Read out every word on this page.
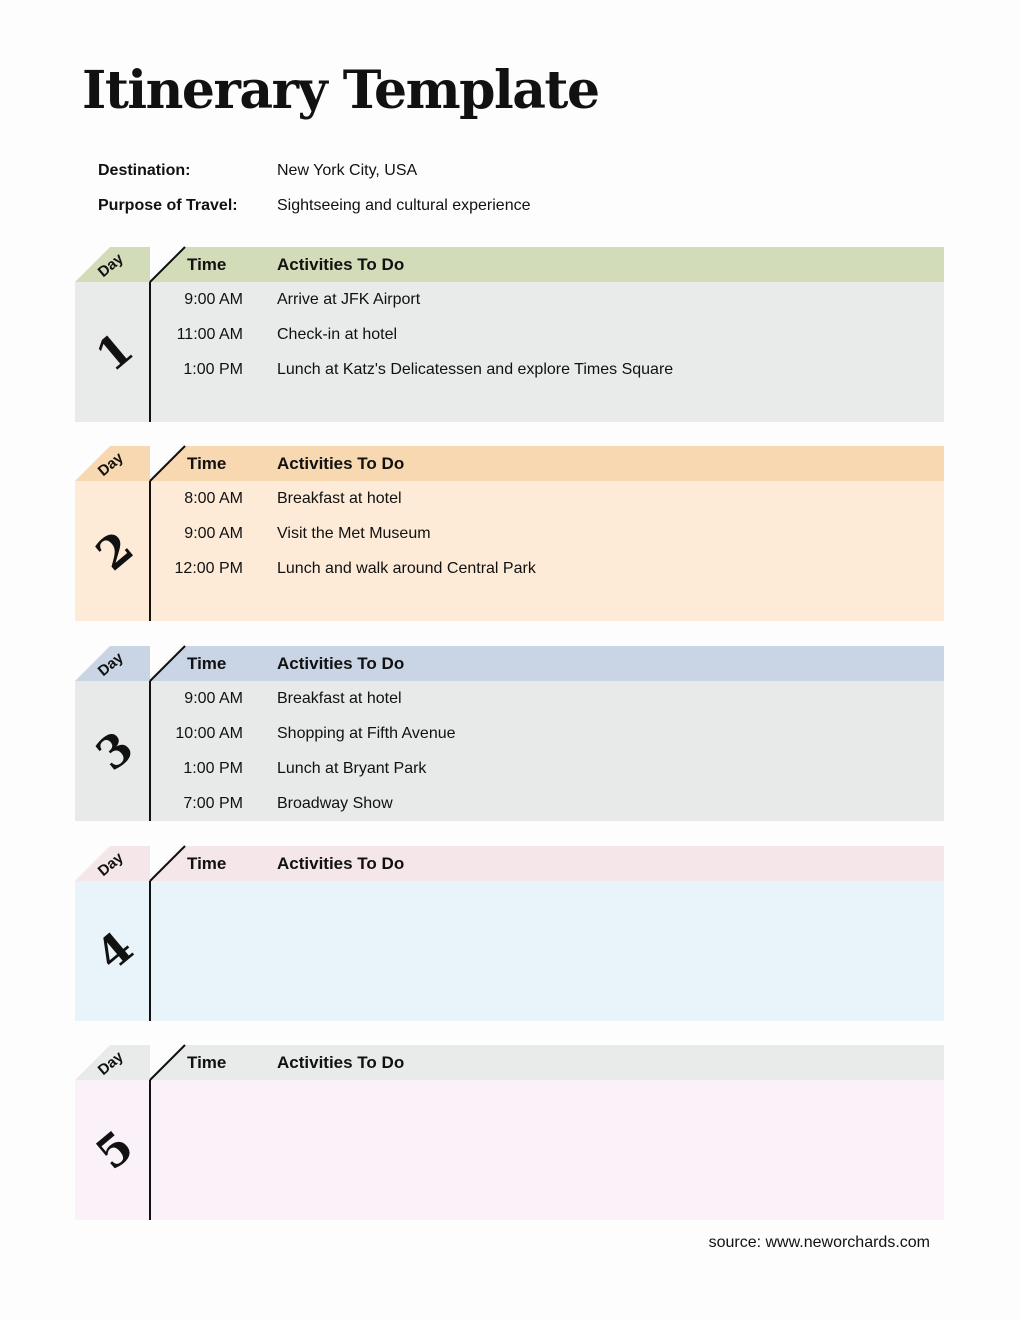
Itinerary Template
Destination:	New York City, USA
Purpose of Travel: Sightseeing and cultural experience
Day
1
Time	Activities To Do
9:00 AM Arrive at JFK Airport
11:00 AM Check-in at hotel
1:00 PM Lunch at Katz's Delicatessen and explore Times Square
Day
2
Time	Activities To Do
8:00 AM Breakfast at hotel
9:00 AM Visit the Met Museum
12:00 PM Lunch and walk around Central Park
Day
3
Time	Activities To Do
9:00 AM Breakfast at hotel
10:00 AM Shopping at Fifth Avenue
1:00 PM Lunch at Bryant Park
7:00 PM Broadway Show
Day
4
Time	Activities To Do
Day
5
Time	Activities To Do
source: www.neworchards.com
